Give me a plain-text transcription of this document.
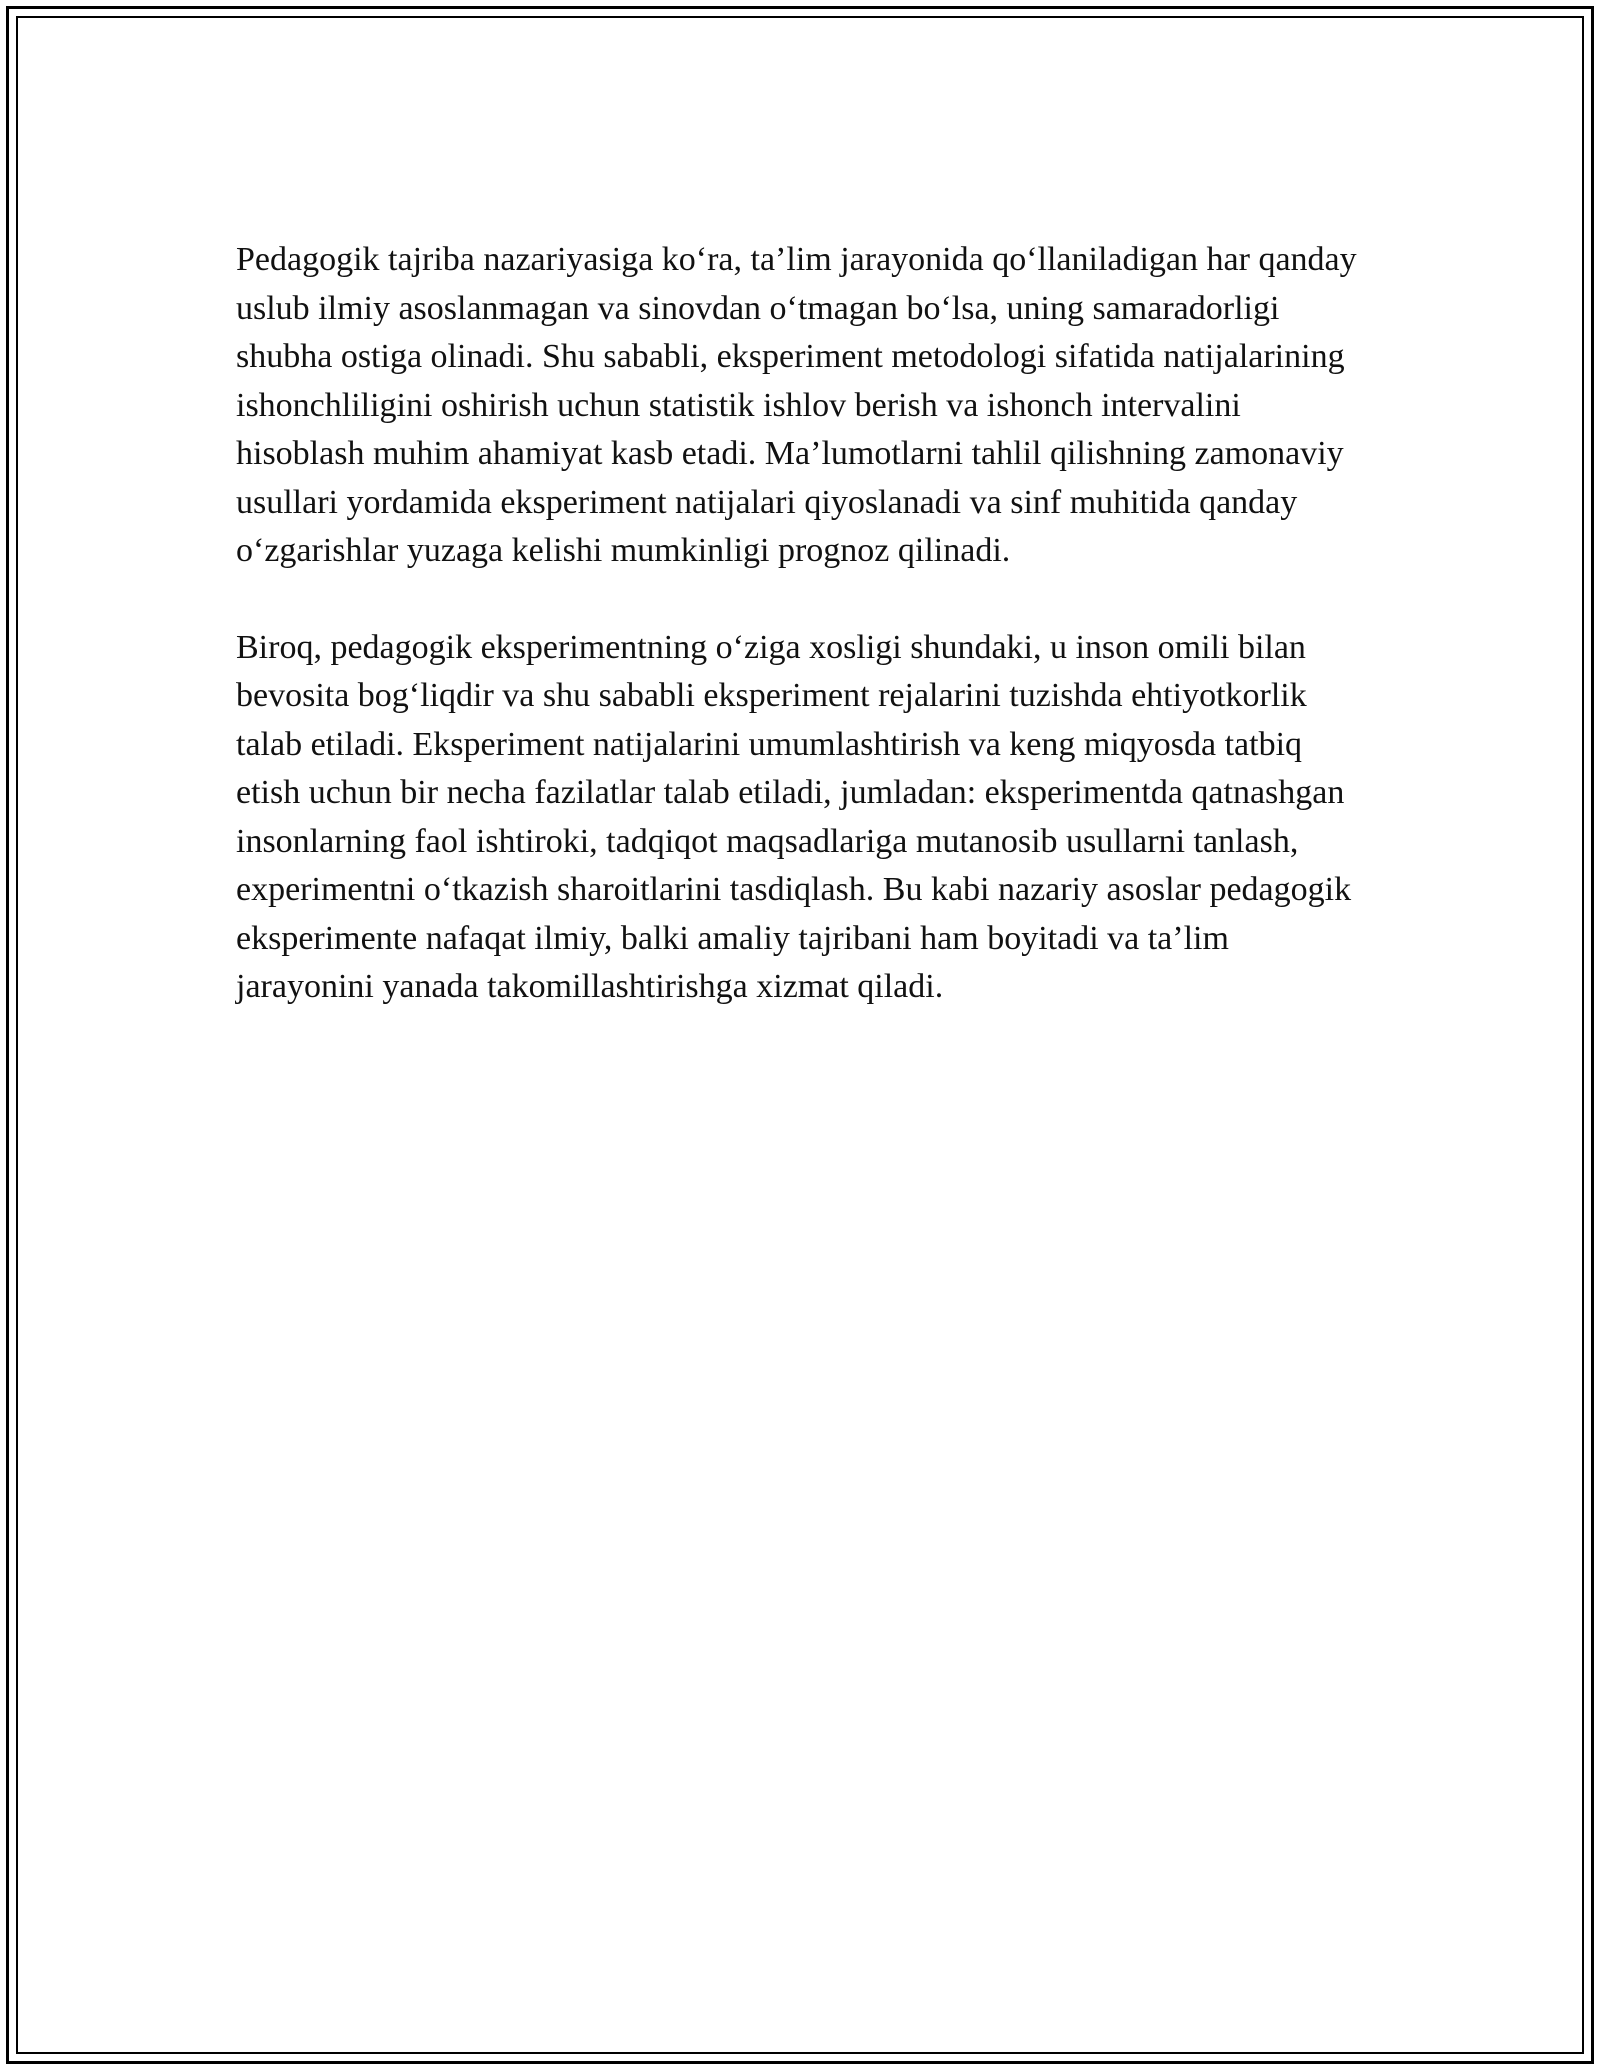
Pedagogik tajriba nazariyasiga ko‘ra, ta’lim jarayonida qo‘llaniladigan har qanday uslub ilmiy asoslanmagan va sinovdan o‘tmagan bo‘lsa, uning samaradorligi shubha ostiga olinadi. Shu sababli, eksperiment metodologi sifatida natijalarining ishonchliligini oshirish uchun statistik ishlov berish va ishonch intervalini hisoblash muhim ahamiyat kasb etadi. Ma’lumotlarni tahlil qilishning zamonaviy usullari yordamida eksperiment natijalari qiyoslanadi va sinf muhitida qanday o‘zgarishlar yuzaga kelishi mumkinligi prognoz qilinadi.

Biroq, pedagogik eksperimentning o‘ziga xosligi shundaki, u inson omili bilan bevosita bog‘liqdir va shu sababli eksperiment rejalarini tuzishda ehtiyotkorlik talab etiladi. Eksperiment natijalarini umumlashtirish va keng miqyosda tatbiq etish uchun bir necha fazilatlar talab etiladi, jumladan: eksperimentda qatnashgan insonlarning faol ishtiroki, tadqiqot maqsadlariga mutanosib usullarni tanlash, experimentni o‘tkazish sharoitlarini tasdiqlash. Bu kabi nazariy asoslar pedagogik eksperimente nafaqat ilmiy, balki amaliy tajribani ham boyitadi va ta’lim jarayonini yanada takomillashtirishga xizmat qiladi.
